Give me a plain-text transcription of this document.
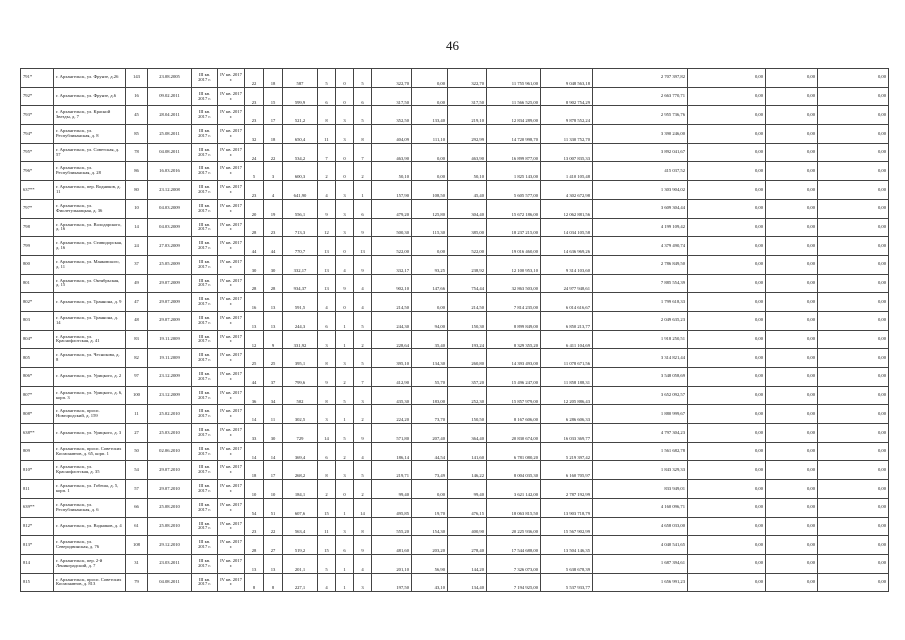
46
791*	г. Архангельск, ул. Фрунзе, д.26	143	23.08.2005	III кв. 2017 г.	IV кв. 2017 г.	22	18	587	5	0	5	322,70	0,00	322,70	11 755 961,00	9 048 563,18	2 707 397,82	0,00	0,00	0,00
792*	г. Архангельск, ул. Фрунзе, д.6	16	09.02.2011	III кв. 2017 г.	IV кв. 2017 г.	23	15	599,9	6	0	6	317,50	0,00	317,50	11 566 525,00	8 902 754,29	2 663 770,71	0,00	0,00	0,00
793*	г. Архангельск, ул. Красной Звезды, д. 7	45	28.04.2011	III кв. 2017 г.	IV кв. 2017 г.	23	17	521,2	8	3	5	352,50	133,40	219,10	12 834 289,00	9 878 552,24	2 955 736,76	0,00	0,00	0,00
794*	г. Архангельск, ул. Республиканская, д. 8	85	25.08.2011	III кв. 2017 г.	IV кв. 2017 г.	32	18	650,4	11	3	8	404,09	111,10	292,99	14 720 998,70	11 330 752,70	3 390 246,00	0,00	0,00	0,00
795*	г. Архангельск, ул. Советская, д. 57	78	04.08.2011	III кв. 2017 г.	IV кв. 2017 г.	24	22	534,2	7	0	7	463,90	0,00	463,90	16 899 877,00	13 007 835,33	3 892 041,67	0,00	0,00	0,00
796*	г. Архангельск, ул. Республиканская, д. 28	86	16.03.2016	III кв. 2017 г.	IV кв. 2017 г.	5	3	600,3	2	0	2	50,10	0,00	50,10	1 825 143,00	1 410 105,48	415 037,52	0,00	0,00	0,00
637**	г. Архангельск, пер. Водников, д. 11	80	23.12.2008	III кв. 2017 г.	IV кв. 2017 г.	23	4	641,90	4	3	1	157,90	108,50	45,40	5 605 577,00	4 302 672,98	1 303 904,02	0,00	0,00	0,00
797*	г. Архангельск, ул. Фиолетульницкая, д. 36	10	04.03.2009	III кв. 2017 г.	IV кв. 2017 г.	20	19	556,1	9	3	6	479,20	125,80	304,40	15 672 186,00	12 062 881,56	3 609 304,44	0,00	0,00	0,00
798	г. Архангельск, ул. Володарского, д. 16	14	04.03.2009	III кв. 2017 г.	IV кв. 2017 г.	28	23	713,3	12	3	9	500,30	115,30	385,00	18 237 215,00	14 034 105,58	4 199 109,42	0,00	0,00	0,00
799	г. Архангельск, ул. Стивидорская, д. 16	24	27.03.2009	III кв. 2017 г.	IV кв. 2017 г.	44	44	770,7	13	0	13	522,00	0,00	522,00	19 016 460,00	14 636 969,26	4 379 490,74	0,00	0,00	0,00
800	г. Архангельск, ул. Маяковского, д. 11	37	25.05.2009	III кв. 2017 г.	IV кв. 2017 г.	30	30	332,17	13	4	9	332,17	93,25	238,92	12 100 953,10	9 314 103,60	2 786 849,50	0,00	0,00	0,00
801	г. Архангельск, ул. Октябрьская, д. 15	49	29.07.2009	III кв. 2017 г.	IV кв. 2017 г.	28	28	934,37	13	9	4	902,10	147,66	754,44	32 863 503,00	24 977 948,61	7 885 554,39	0,00	0,00	0,00
802*	г. Архангельск, ул. Траннона, д. 9	47	29.07.2009	III кв. 2017 г.	IV кв. 2017 г.	16	13	591,5	4	0	4	214,50	0,00	214,50	7 814 235,00	6 014 616,67	1 799 618,33	0,00	0,00	0,00
803	г. Архангельск, ул. Траннона, д. 14	48	29.07.2009	III кв. 2017 г.	IV кв. 2017 г.	13	13	244,3	6	1	5	244,30	94,00	150,30	8 899 849,00	6 850 213,77	2 049 635,23	0,00	0,00	0,00
804*	г. Архангельск, ул. Краснофлотская, д. 41	83	19.11.2009	III кв. 2017 г.	IV кв. 2017 г.	12	9	331,92	3	1	2	228,64	35,40	193,24	8 329 355,20	6 411 104,69	1 918 250,51	0,00	0,00	0,00
805	г. Архангельск, ул. Чеснокова, д. 8	82	19.11.2009	III кв. 2017 г.	IV кв. 2017 г.	25	25	395,1	8	3	5	395,10	134,30	260,80	14 393 493,00	11 078 671,56	3 314 821,44	0,00	0,00	0,00
806*	г. Архангельск, ул. Урицкого, д. 2	97	23.12.2009	III кв. 2017 г.	IV кв. 2017 г.	44	37	799,6	9	2	7	412,90	55,70	357,20	15 496 247,00	11 858 188,31	3 548 058,69	0,00	0,00	0,00
807*	г. Архангельск, ул. Урицкого, д. 6, корп. 3	100	23.12.2009	III кв. 2017 г.	IV кв. 2017 г.	36	34	502	8	5	3	435,30	183,00	252,30	15 857 979,00	12 205 886,43	3 652 092,57	0,00	0,00	0,00
808*	г. Архангельск, просп. Новгородский, д. 159	11	25.02.2010	III кв. 2017 г.	IV кв. 2017 г.	14	11	302,5	3	1	2	224,20	73,70	150,50	8 167 606,00	6 286 606,33	1 880 999,67	0,00	0,00	0,00
638**	г. Архангельск, ул. Урицкого, д. 3	27	25.03.2010	III кв. 2017 г.	IV кв. 2017 г.	33	30	729	14	5	9	571,80	207,40	364,40	20 830 674,00	16 033 369,77	4 797 304,23	0,00	0,00	0,00
809	г. Архангельск, просп. Советских Космонавтов, д. 65, корп. 1	50	02.06.2010	III кв. 2017 г.	IV кв. 2017 г.	14	14	369,4	6	2	4	186,14	44,54	141,60	6 781 080,20	5 219 397,42	1 561 682,78	0,00	0,00	0,00
810*	г. Архангельск, ул. Краснофлотская, д. 35	54	29.07.2010	III кв. 2017 г.	IV кв. 2017 г.	18	17	268,2	8	3	5	219,71	73,49	146,22	8 004 035,30	6 160 705,97	1 843 329,33	0,00	0,00	0,00
811	г. Архангельск, ул. Гобеша, д. 5, корп. 1	57	29.07.2010	III кв. 2017 г.	IV кв. 2017 г.	10	10	184,1	2	0	2	99,40	0,00	99,40	3 621 142,00	2 787 192,99	833 949,01	0,00	0,00	0,00
639**	г. Архангельск, ул. Республиканская, д. 6	66	25.08.2010	III кв. 2017 г.	IV кв. 2017 г.	54	51	607,6	15	1	14	495,85	19,70	476,15	18 063 815,50	13 903 718,79	4 160 096,71	0,00	0,00	0,00
812*	г. Архангельск, ул. Водников, д. 4	61	25.08.2010	III кв. 2017 г.	IV кв. 2017 г.	23	22	563,4	11	3	8	555,20	154,30	400,90	20 225 936,00	15 567 902,99	4 658 033,00	0,00	0,00	0,00
813*	г. Архангельск, ул. Северодвинская, д. 76	108	29.12.2010	III кв. 2017 г.	IV кв. 2017 г.	28	27	519,2	15	6	9	481,60	203,20	278,40	17 544 688,00	13 504 146,35	4 040 541,65	0,00	0,00	0,00
814	г. Архангельск, пер. 2-й Ленинградский, д. 7	31	23.03.2011	III кв. 2017 г.	IV кв. 2017 г.	13	13	201,1	5	1	4	201,10	56,90	144,20	7 326 073,00	5 638 678,39	1 687 394,61	0,00	0,00	0,00
815	г. Архангельск, просп. Советских Космонавтов, д. 813	79	04.08.2011	III кв. 2017 г.	IV кв. 2017 г.	8	8	227,1	4	1	3	197,50	43,10	134,40	7 194 925,00	5 537 933,77	1 656 991,23	0,00	0,00	0,00
